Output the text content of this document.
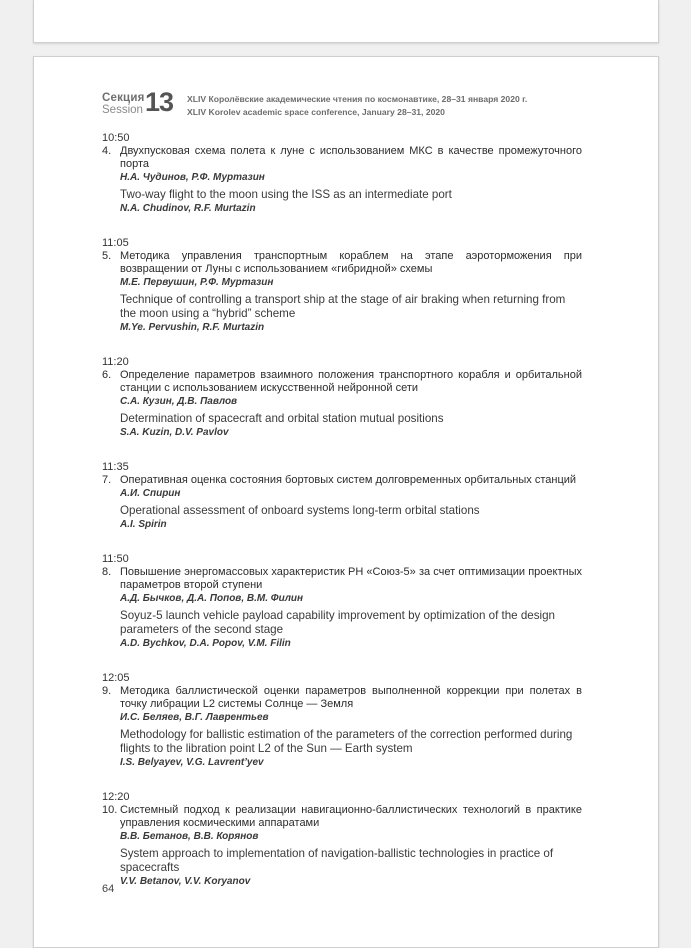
Секция
Session 13 XLIV Королёвские академические чтения по космонавтике, 28–31 января 2020 г.
XLIV Korolev academic space conference, January 28–31, 2020
10:50
4. Двухпусковая схема полета к луне с использованием МКС в качестве промежуточного порта
Н.А. Чудинов, Р.Ф. Муртазин
Two-way flight to the moon using the ISS as an intermediate port
N.A. Chudinov, R.F. Murtazin
11:05
5. Методика управления транспортным кораблем на этапе аэроторможения при возвращении от Луны с использованием «гибридной» схемы
М.Е. Первушин, Р.Ф. Муртазин
Technique of controlling a transport ship at the stage of air braking when returning from the moon using a “hybrid” scheme
M.Ye. Pervushin, R.F. Murtazin
11:20
6. Определение параметров взаимного положения транспортного корабля и орбитальной станции с использованием искусственной нейронной сети
С.А. Кузин, Д.В. Павлов
Determination of spacecraft and orbital station mutual positions
S.A. Kuzin, D.V. Pavlov
11:35
7. Оперативная оценка состояния бортовых систем долговременных орбитальных станций
А.И. Спирин
Operational assessment of onboard systems long-term orbital stations
A.I. Spirin
11:50
8. Повышение энергомассовых характеристик РН «Союз-5» за счет оптимизации проектных параметров второй ступени
А.Д. Бычков, Д.А. Попов, В.М. Филин
Soyuz-5 launch vehicle payload capability improvement by optimization of the design parameters of the second stage
A.D. Bychkov, D.A. Popov, V.M. Filin
12:05
9. Методика баллистической оценки параметров выполненной коррекции при полетах в точку либрации L2 системы Солнце — Земля
И.С. Беляев, В.Г. Лаврентьев
Methodology for ballistic estimation of the parameters of the correction performed during flights to the libration point L2 of the Sun — Earth system
I.S. Belyayev, V.G. Lavrent’yev
12:20
10. Системный подход к реализации навигационно-баллистических технологий в практике управления космическими аппаратами
В.В. Бетанов, В.В. Корянов
System approach to implementation of navigation-ballistic technologies in practice of spacecrafts
V.V. Betanov, V.V. Koryanov
64
